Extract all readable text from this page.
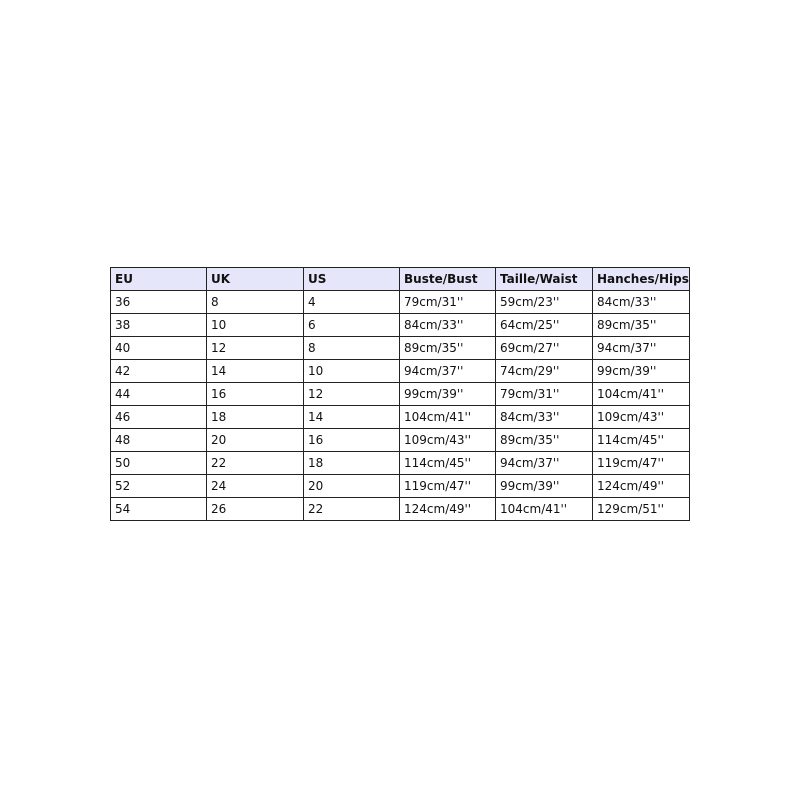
EU	UK	US	Buste/Bust	Taille/Waist	Hanches/Hips
36	8	4	79cm/31''	59cm/23''	84cm/33''
38	10	6	84cm/33''	64cm/25''	89cm/35''
40	12	8	89cm/35''	69cm/27''	94cm/37''
42	14	10	94cm/37''	74cm/29''	99cm/39''
44	16	12	99cm/39''	79cm/31''	104cm/41''
46	18	14	104cm/41''	84cm/33''	109cm/43''
48	20	16	109cm/43''	89cm/35''	114cm/45''
50	22	18	114cm/45''	94cm/37''	119cm/47''
52	24	20	119cm/47''	99cm/39''	124cm/49''
54	26	22	124cm/49''	104cm/41''	129cm/51''
